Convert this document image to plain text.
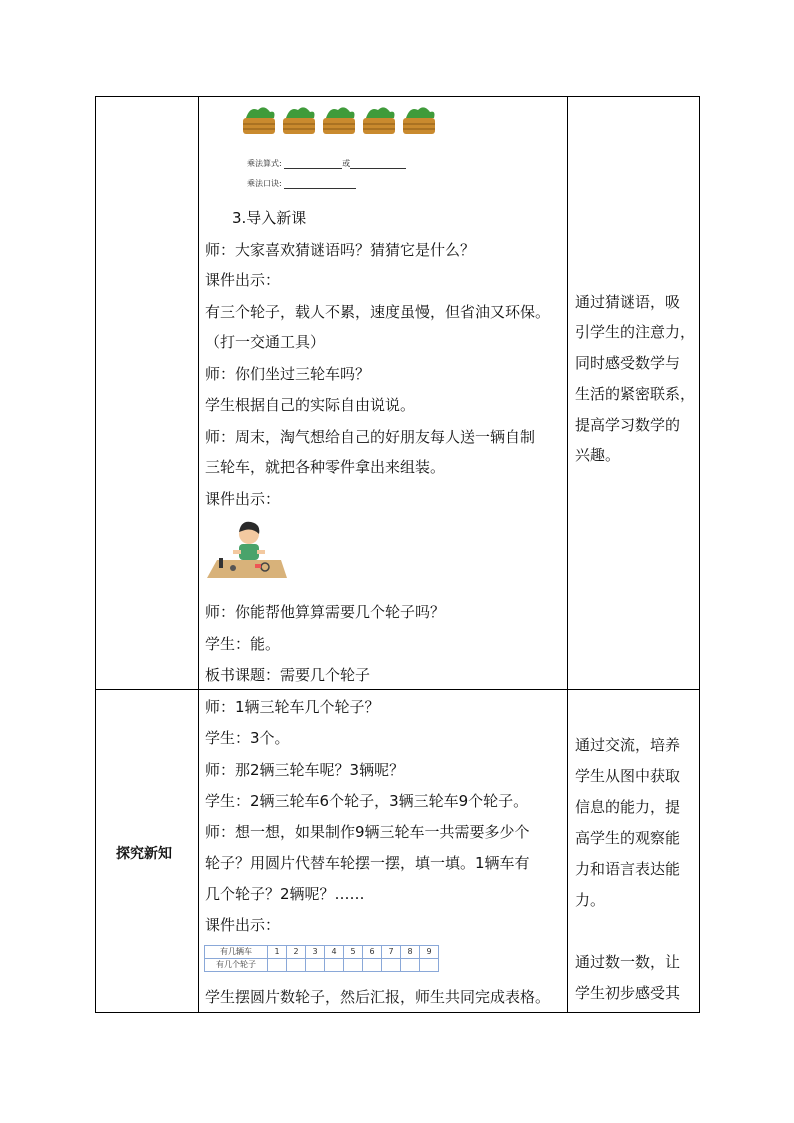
乘法算式:	或
乘法口诀:
3.导入新课
师：大家喜欢猜谜语吗？猜猜它是什么？
课件出示：
有三个轮子，载人不累，速度虽慢，但省油又环保。
（打一交通工具）
师：你们坐过三轮车吗？
学生根据自己的实际自由说说。
师：周末，淘气想给自己的好朋友每人送一辆自制
三轮车，就把各种零件拿出来组装。
课件出示：
师：你能帮他算算需要几个轮子吗？
学生：能。
板书课题：需要几个轮子
通过猜谜语，吸
引学生的注意力，
同时感受数学与
生活的紧密联系，
提高学习数学的
兴趣。
探究新知
师：1辆三轮车几个轮子？
学生：3个。
师：那2辆三轮车呢？3辆呢？
学生：2辆三轮车6个轮子，3辆三轮车9个轮子。
师：想一想，如果制作9辆三轮车一共需要多少个
轮子？用圆片代替车轮摆一摆，填一填。1辆车有
几个轮子？2辆呢？……
课件出示：
有几辆车	1	2	3	4	5	6	7	8	9
有几个轮子									
学生摆圆片数轮子，然后汇报，师生共同完成表格。
通过交流，培养
学生从图中获取
信息的能力，提
高学生的观察能
力和语言表达能
力。
通过数一数，让
学生初步感受其
